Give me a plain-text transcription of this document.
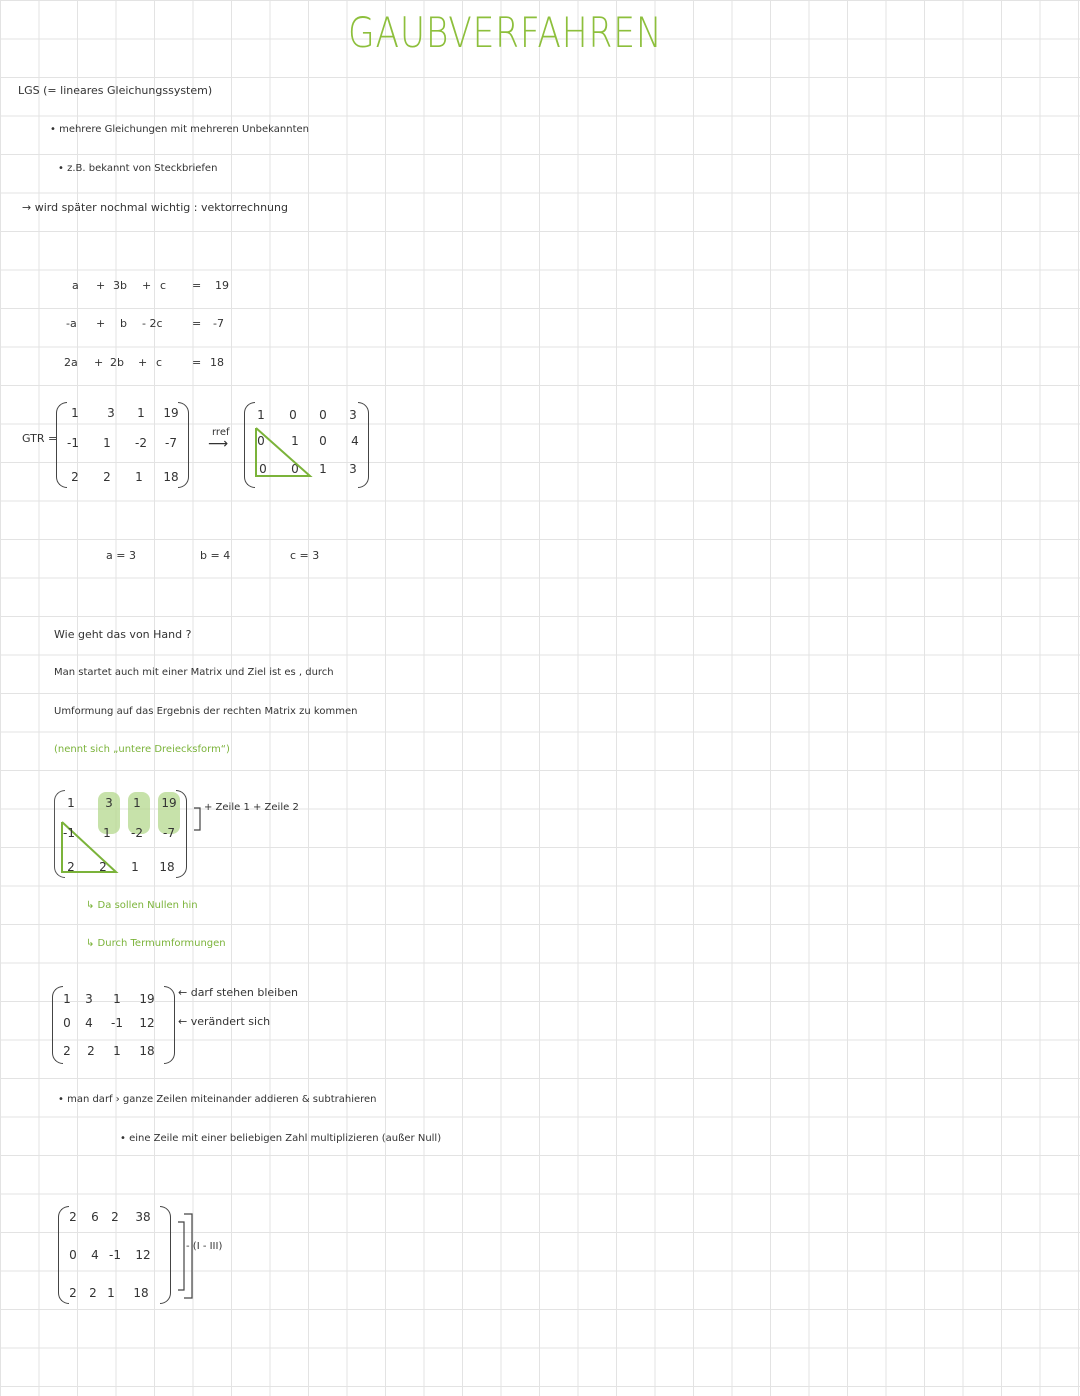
GAUBVERFAHREN
LGS (= lineares Gleichungssystem)
• mehrere Gleichungen mit mehreren Unbekannten
• z.B. bekannt von Steckbriefen
→ wird später nochmal wichtig : vektorrechnung
a + 3b + c = 19
-a + b - 2c	= -7
2a + 2b + c	= 18
GTR =
1	3	1	19
-1	1	-2	-7
2	2	1	18
rref
⟶
1	0	0	3
0	1	0	4
0	0	1	3
a = 3	b = 4	c = 3
Wie geht das von Hand ?
Man startet auch mit einer Matrix und Ziel ist es , durch
Umformung auf das Ergebnis der rechten Matrix zu kommen
(nennt sich „untere Dreiecksform“)
1	3	1	19
-1	1	-2	-7
2	2	1	18
+ Zeile 1 + Zeile 2
↳ Da sollen Nullen hin
↳ Durch Termumformungen
1	3	1	19
0	4	-1	12
2	2	1	18
← darf stehen bleiben
← verändert sich
• man darf › ganze Zeilen miteinander addieren & subtrahieren
• eine Zeile mit einer beliebigen Zahl multiplizieren (außer Null)
2	6	2	38
0	4 -1	12
2	2 1	18
- (I - III)
